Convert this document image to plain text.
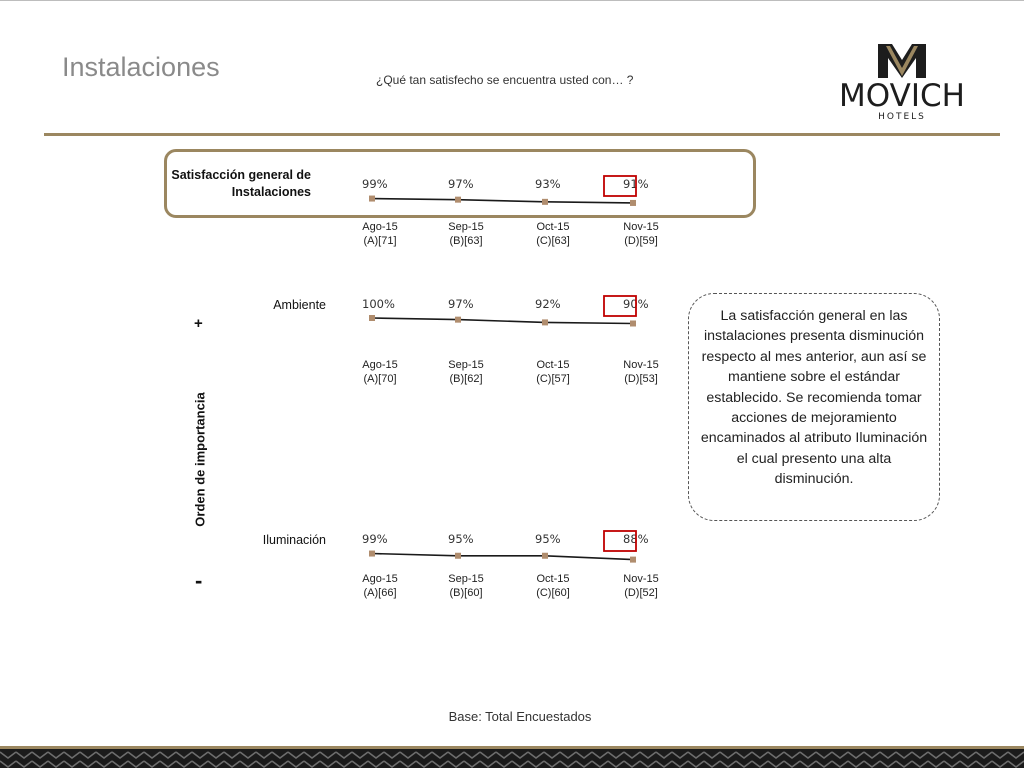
Instalaciones	¿Qué tan satisfecho se encuentra usted con… ?	MOVICH
HOTELS
Satisfacción general de Instalaciones
Ambiente
Iluminación
Orden de importancia
+
-
99%
Ago-15
(A)[71]
97%
Sep-15
(B)[63]
93%
Oct-15
(C)[63]
91%
Nov-15
(D)[59]
100%
Ago-15
(A)[70]
97%
Sep-15
(B)[62]
92%
Oct-15
(C)[57]
90%
Nov-15
(D)[53]
99%
Ago-15
(A)[66]
95%
Sep-15
(B)[60]
95%
Oct-15
(C)[60]
88%
Nov-15
(D)[52]
La satisfacción general en las instalaciones presenta disminución respecto al mes anterior, aun así se mantiene sobre el estándar establecido. Se recomienda tomar acciones de mejoramiento encaminados al atributo Iluminación el cual presento una alta disminución.
Base: Total Encuestados
